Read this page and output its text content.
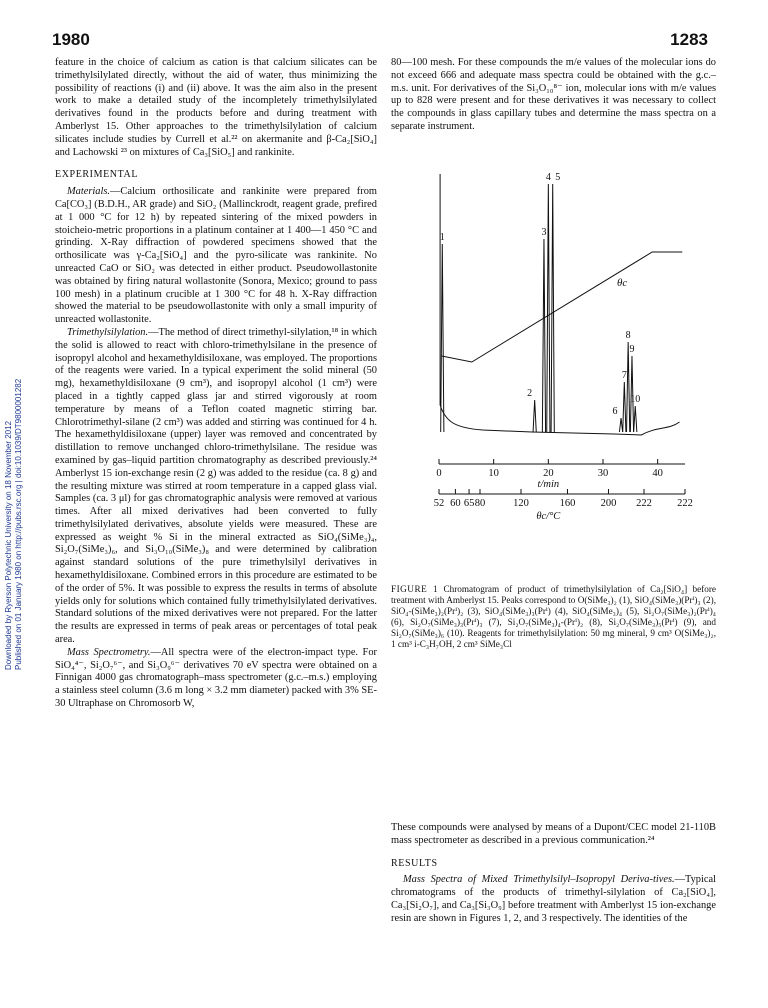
1980	1283
Downloaded by Ryerson Polytechnic University on 18 November 2012 Published on 01 January 1980 on http://pubs.rsc.org | doi:10.1039/DT9800001282

feature in the choice of calcium as cation is that calcium silicates can be trimethylsilylated directly, without the aid of water, thus minimizing the possibility of reactions (i) and (ii) above. It was the aim also in the present work to make a detailed study of the incompletely trimethylsilylated derivatives found in the products before and during treatment with Amberlyst 15. Other approaches to the trimethylsilylation of calcium silicates include studies by Currell et al.²² on akermanite and β-Ca₂[SiO₄] and Lachowski ²³ on mixtures of Ca₃[SiO₅] and rankinite.

EXPERIMENTAL

Materials.—Calcium orthosilicate and rankinite were prepared from Ca[CO₃] (B.D.H., AR grade) and SiO₂ (Mallinckrodt, reagent grade, prefired at 1 000 °C for 12 h) by repeated sintering of the mixed powders in stoicheio-metric proportions in a platinum container at 1 400—1 450 °C and grinding. X-Ray diffraction of powdered specimens showed that the orthosilicate was γ-Ca₂[SiO₄] and the pyro-silicate was rankinite. No unreacted CaO or SiO₂ was detected in either product. Pseudowollastonite was obtained by firing natural wollastonite (Sonora, Mexico; ground to pass 100 mesh) in a platinum crucible at 1 300 °C for 48 h. X-Ray diffraction showed the material to be pseudowollastonite with only a small impurity of unreacted wollastonite.

Trimethylsilylation.—The method of direct trimethyl-silylation,¹⁸ in which the solid is allowed to react with chloro-trimethylsilane in the presence of isopropyl alcohol and hexamethyldisiloxane, was employed. The proportions of the reagents were varied. In a typical experiment the solid mineral (50 mg), hexamethyldisiloxane (9 cm³), and isopropyl alcohol (1 cm³) were placed in a tightly capped glass jar and stirred vigorously at room temperature by means of a Teflon coated magnetic stirring bar. Chlorotrimethyl-silane (2 cm³) was added and stirring was continued for 4 h. The hexamethyldisiloxane (upper) layer was removed and concentrated by distillation to remove unchanged chloro-trimethylsilane. The residue was examined by gas–liquid partition chromatography as described previously.²⁴ Amberlyst 15 ion-exchange resin (2 g) was added to the residue (ca. 8 g) and the resulting mixture was stirred at room temperature in a capped glass vial. Samples (ca. 3 μl) for gas chromatographic analysis were removed at various times. After all mixed derivatives had been converted to fully trimethylsilylated derivatives, absolute yields were measured. These are expressed as weight % Si in the mineral extracted as SiO₄(SiMe₃)₄, Si₂O₇(SiMe₃)₆, and Si₃O₁₀(SiMe₃)₈ and were determined by calibration against standard solutions of the pure trimethylsilyl derivatives in hexamethyldisiloxane. Combined errors in this procedure are estimated to be of the order of 5%. It was possible to express the results in terms of absolute yields only for solutions which contained fully trimethylsilylated derivatives. Standard solutions of the mixed derivatives were not prepared. For the latter the results are expressed in terms of peak areas or percentages of total peak area.

Mass Spectrometry.—All spectra were of the electron-impact type. For SiO₄⁴⁻, Si₂O₇⁶⁻, and Si₃O₉⁶⁻ derivatives 70 eV spectra were obtained on a Finnigan 4000 gas chromatograph–mass spectrometer (g.c.–m.s.) employing a stainless steel column (3.6 m long × 3.2 mm diameter) packed with 3% SE-30 Ultraphase on Chromosorb W,

80—100 mesh. For these compounds the m/e values of the molecular ions do not exceed 666 and adequate mass spectra could be obtained with the g.c.–m.s. unit. For derivatives of the Si₃O₁₀⁸⁻ ion, molecular ions with m/e values up to 828 were present and for these derivatives it was necessary to collect the compounds in glass capillary tubes and determine the mass spectra on a separate instrument.

1
2
3
4 5
6
7
8
9
10
θc
0	10	20	30	40
t/min
52 60 65 80	120	160 200 222 222
θc/°C
FIGURE 1 Chromatogram of product of trimethylsilylation of Ca₂[SiO₄] before treatment with Amberlyst 15. Peaks correspond to O(SiMe₃)₂ (1), SiO₄(SiMe₃)(Prⁱ)₃ (2), SiO₄-(SiMe₃)₂(Prⁱ)₂ (3), SiO₄(SiMe₃)₃(Prⁱ) (4), SiO₄(SiMe₃)₄ (5), Si₂O₇(SiMe₃)₂(Prⁱ)₄ (6), Si₂O₇(SiMe₃)₃(Prⁱ)₃ (7), Si₂O₇(SiMe₃)₄-(Prⁱ)₂ (8), Si₂O₇(SiMe₃)₅(Prⁱ) (9), and Si₂O₇(SiMe₃)₆ (10). Reagents for trimethylsilylation: 50 mg mineral, 9 cm³ O(SiMe₃)₂, 1 cm³ i-C₃H₇OH, 2 cm³ SiMe₃Cl

These compounds were analysed by means of a Dupont/CEC model 21-110B mass spectrometer as described in a previous communication.²⁴

RESULTS

Mass Spectra of Mixed Trimethylsilyl–Isopropyl Deriva-tives.—Typical chromatograms of the products of trimethyl-silylation of Ca₂[SiO₄], Ca₃[Si₂O₇], and Ca₃[Si₃O₉] before treatment with Amberlyst 15 ion-exchange resin are shown in Figures 1, 2, and 3 respectively. The identities of the
